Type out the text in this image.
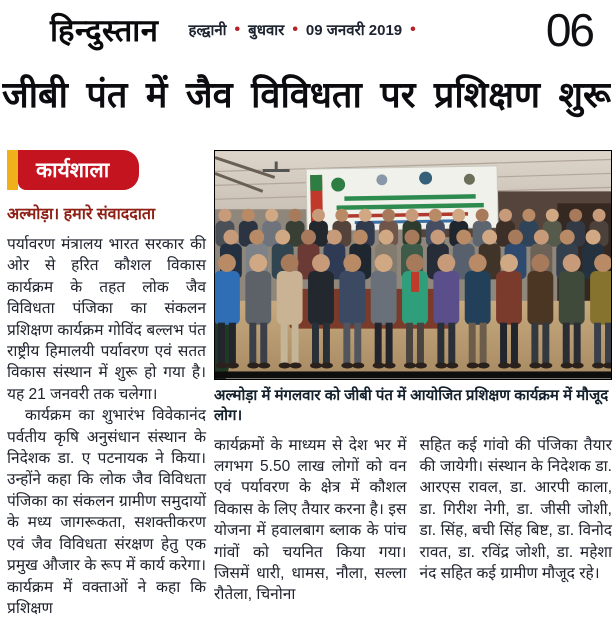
हिन्दुस्तान हल्द्वानी • बुधवार • 09 जनवरी 2019 •	06
जीबी पंत में जैव विविधता पर प्रशिक्षण शुरू
कार्यशाला
अल्मोड़ा। हमारे संवाददाता

पर्यावरण मंत्रालय भारत सरकार की ओर से हरित कौशल विकास कार्यक्रम के तहत लोक जैव विविधता पंजिका का संकलन प्रशिक्षण कार्यक्रम गोविंद बल्लभ पंत राष्ट्रीय हिमालयी पर्यावरण एवं सतत विकास संस्थान में शुरू हो गया है। यह 21 जनवरी तक चलेगा।

कार्यक्रम का शुभारंभ विवेकानंद पर्वतीय कृषि अनुसंधान संस्थान के निदेशक डा. ए पटनायक ने किया। उन्होंने कहा कि लोक जैव विविधता पंजिका का संकलन ग्रामीण समुदायों के मध्य जागरूकता, सशक्तीकरण एवं जैव विविधता संरक्षण हेतु एक प्रमुख औजार के रूप में कार्य करेगा। कार्यक्रम में वक्ताओं ने कहा कि प्रशिक्षण

अल्मोड़ा में मंगलवार को जीबी पंत में आयोजित प्रशिक्षण कार्यक्रम में मौजूद लोग।

कार्यक्रमों के माध्यम से देश भर में लगभग 5.50 लाख लोगों को वन एवं पर्यावरण के क्षेत्र में कौशल विकास के लिए तैयार करना है। इस योजना में हवालबाग ब्लाक के पांच गांवों को चयनित किया गया। जिसमें धारी, धामस, नौला, सल्ला रौतेला, चिनोना

सहित कई गांवो की पंजिका तैयार की जायेगी। संस्थान के निदेशक डा. आरएस रावल, डा. आरपी काला, डा. गिरीश नेगी, डा. जीसी जोशी, डा. सिंह, बची सिंह बिष्ट, डा. विनोद रावत, डा. रविंद्र जोशी, डा. महेशा नंद सहित कई ग्रामीण मौजूद रहे।
